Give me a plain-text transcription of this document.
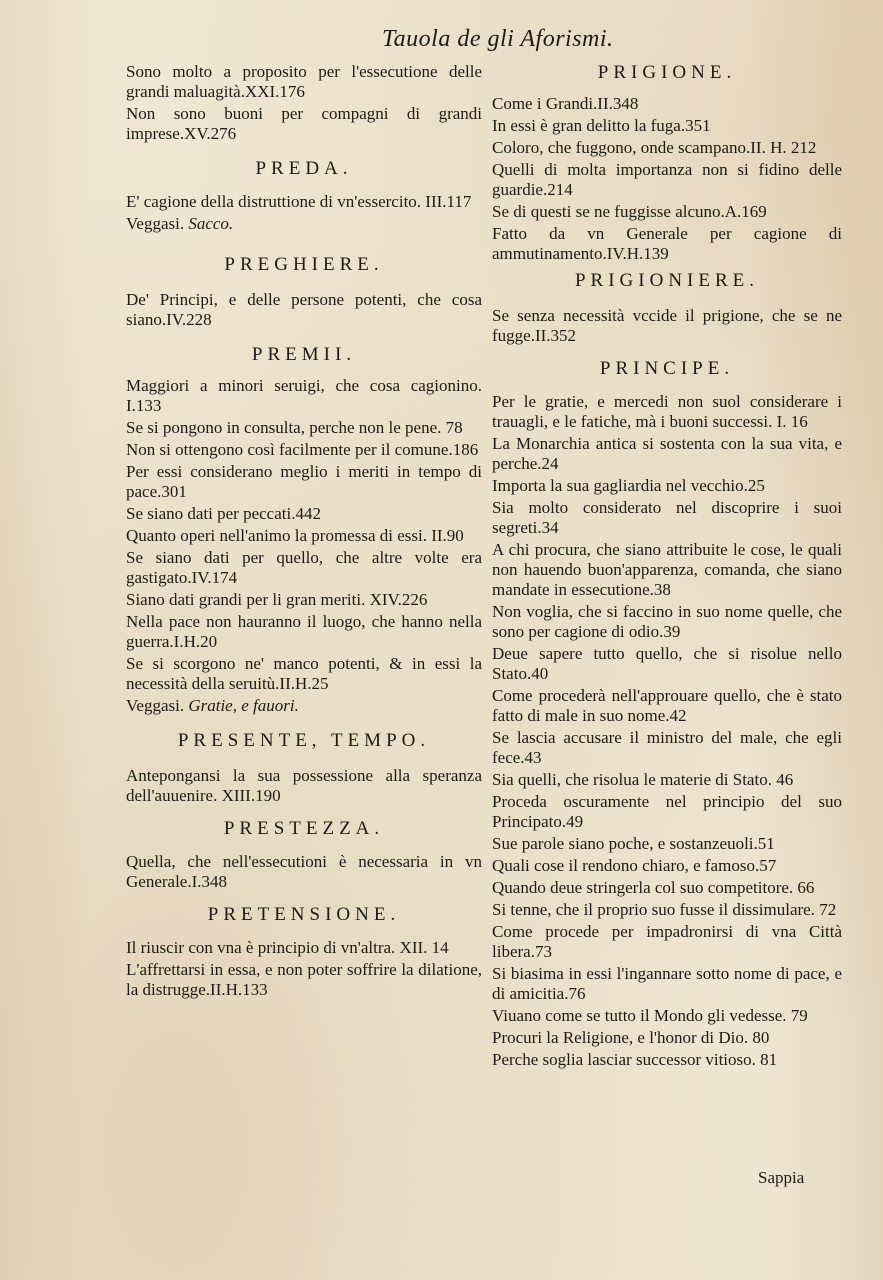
Tauola de gli Aforismi.

Sono molto a proposito per l'essecutione delle grandi maluagità.XXI.176

Non sono buoni per compagni di grandi imprese.XV.276

PREDA.

E' cagione della distruttione di vn'essercito. III.117

Veggasi. Sacco.

PREGHIERE.

De' Principi, e delle persone potenti, che cosa siano.IV.228

PREMII.

Maggiori a minori seruigi, che cosa cagionino. I.133

Se si pongono in consulta, perche non le pene. 78

Non si ottengono così facilmente per il comune.186

Per essi considerano meglio i meriti in tempo di pace.301

Se siano dati per peccati.442

Quanto operi nell'animo la promessa di essi. II.90

Se siano dati per quello, che altre volte era gastigato.IV.174

Siano dati grandi per li gran meriti. XIV.226

Nella pace non hauranno il luogo, che hanno nella guerra.I.H.20

Se si scorgono ne' manco potenti, & in essi la necessità della seruitù.II.H.25

Veggasi. Gratie, e fauori.

PRESENTE, TEMPO.

Antepongansi la sua possessione alla speranza dell'auuenire. XIII.190

PRESTEZZA.

Quella, che nell'essecutioni è necessaria in vn Generale.I.348

PRETENSIONE.

Il riuscir con vna è principio di vn'altra. XII. 14

L'affrettarsi in essa, e non poter soffrire la dilatione, la distrugge.II.H.133

PRIGIONE.

Come i Grandi.II.348

In essi è gran delitto la fuga.351

Coloro, che fuggono, onde scampano.II. H. 212

Quelli di molta importanza non si fidino delle guardie.214

Se di questi se ne fuggisse alcuno.A.169

Fatto da vn Generale per cagione di ammutinamento.IV.H.139

PRIGIONIERE.

Se senza necessità vccide il prigione, che se ne fugge.II.352

PRINCIPE.

Per le gratie, e mercedi non suol considerare i trauagli, e le fatiche, mà i buoni successi. I. 16

La Monarchia antica si sostenta con la sua vita, e perche.24

Importa la sua gagliardia nel vecchio.25

Sia molto considerato nel discoprire i suoi segreti.34

A chi procura, che siano attribuite le cose, le quali non hauendo buon'apparenza, comanda, che siano mandate in essecutione.38

Non voglia, che si faccino in suo nome quelle, che sono per cagione di odio.39

Deue sapere tutto quello, che si risolue nello Stato.40

Come procederà nell'approuare quello, che è stato fatto di male in suo nome.42

Se lascia accusare il ministro del male, che egli fece.43

Sia quelli, che risolua le materie di Stato. 46

Proceda oscuramente nel principio del suo Principato.49

Sue parole siano poche, e sostanzeuoli.51

Quali cose il rendono chiaro, e famoso.57

Quando deue stringerla col suo competitore. 66

Si tenne, che il proprio suo fusse il dissimulare. 72

Come procede per impadronirsi di vna Città libera.73

Si biasima in essi l'ingannare sotto nome di pace, e di amicitia.76

Viuano come se tutto il Mondo gli vedesse. 79

Procuri la Religione, e l'honor di Dio. 80

Perche soglia lasciar successor vitioso. 81

Sappia
